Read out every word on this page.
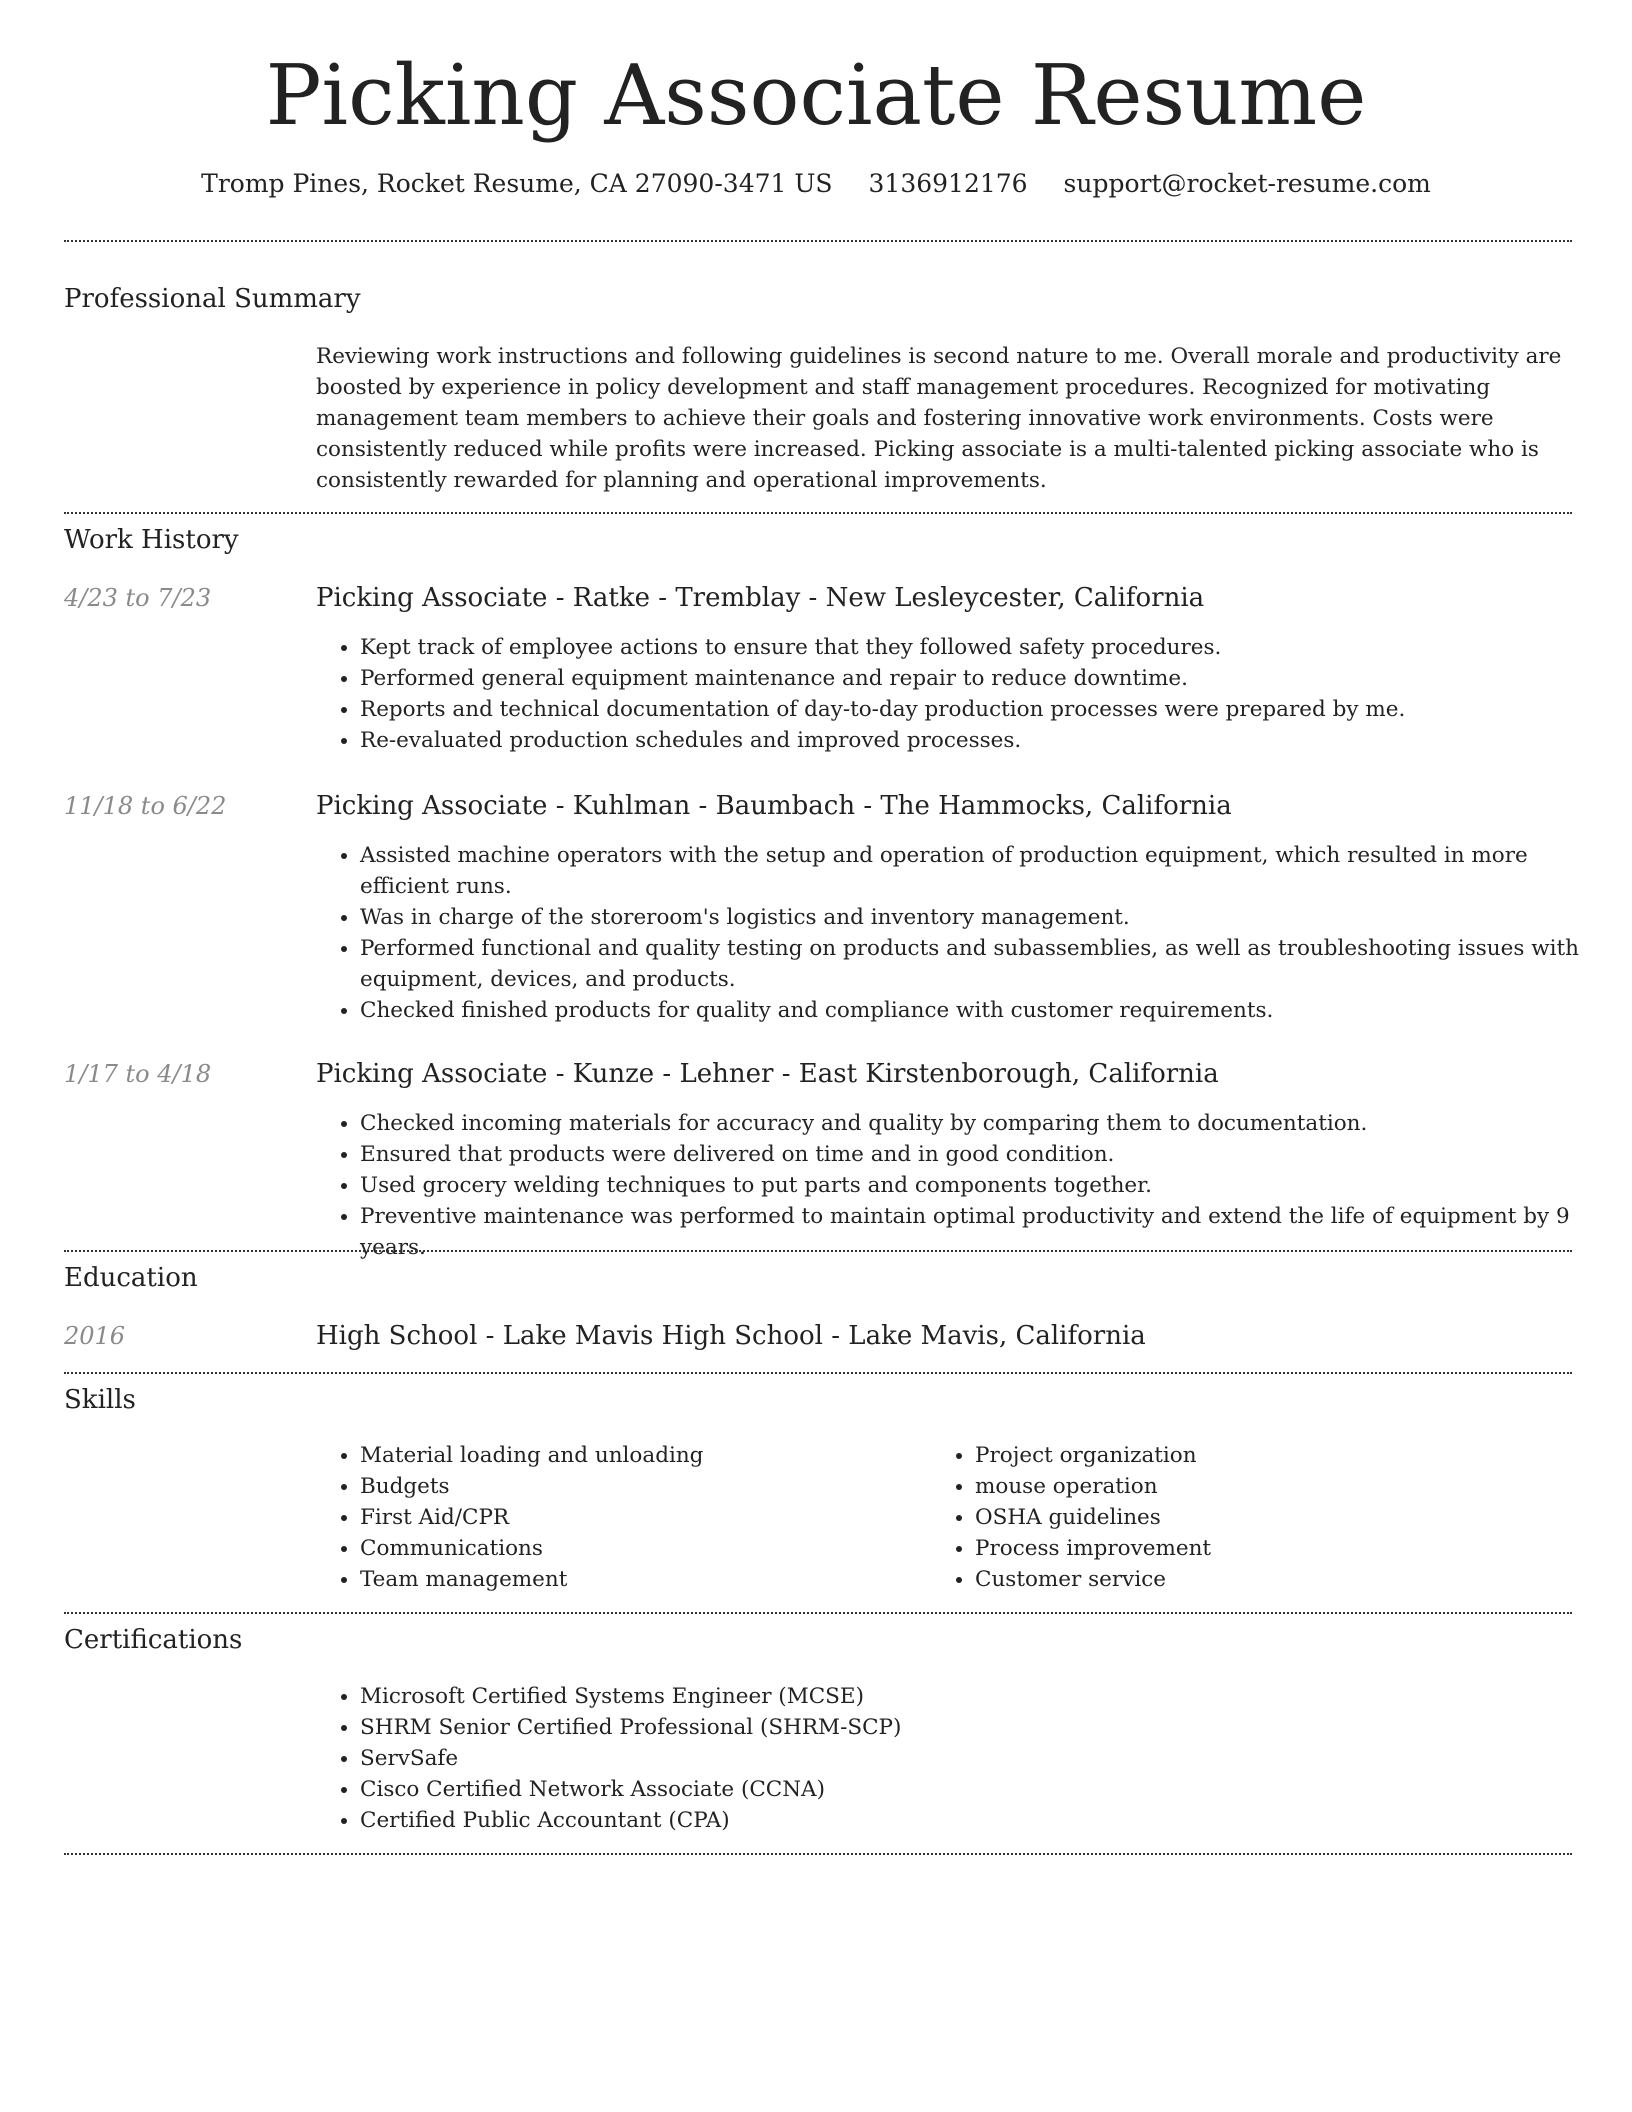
Picking Associate Resume
Tromp Pines, Rocket Resume, CA 27090-3471 US 3136912176 support@rocket-resume.com
Professional Summary

Reviewing work instructions and following guidelines is second nature to me. Overall morale and productivity are boosted by experience in policy development and staff management procedures. Recognized for motivating management team members to achieve their goals and fostering innovative work environments. Costs were consistently reduced while profits were increased. Picking associate is a multi-talented picking associate who is consistently rewarded for planning and operational improvements.

Work History
4/23 to 7/23	Picking Associate - Ratke - Tremblay - New Lesleycester, California
• Kept track of employee actions to ensure that they followed safety procedures.
• Performed general equipment maintenance and repair to reduce downtime.
• Reports and technical documentation of day-to-day production processes were prepared by me.
• Re-evaluated production schedules and improved processes.
11/18 to 6/22	Picking Associate - Kuhlman - Baumbach - The Hammocks, California
• Assisted machine operators with the setup and operation of production equipment, which resulted in more efficient runs.
• Was in charge of the storeroom's logistics and inventory management.
• Performed functional and quality testing on products and subassemblies, as well as troubleshooting issues with equipment, devices, and products.
• Checked finished products for quality and compliance with customer requirements.
1/17 to 4/18	Picking Associate - Kunze - Lehner - East Kirstenborough, California
• Checked incoming materials for accuracy and quality by comparing them to documentation.
• Ensured that products were delivered on time and in good condition.
• Used grocery welding techniques to put parts and components together.
• Preventive maintenance was performed to maintain optimal productivity and extend the life of equipment by 9 years.
Education
2016	High School - Lake Mavis High School - Lake Mavis, California
Skills
• Material loading and unloading
• Budgets
• First Aid/CPR
• Communications
• Team management
• Project organization
• mouse operation
• OSHA guidelines
• Process improvement
• Customer service
Certifications
• Microsoft Certified Systems Engineer (MCSE)
• SHRM Senior Certified Professional (SHRM-SCP)
• ServSafe
• Cisco Certified Network Associate (CCNA)
• Certified Public Accountant (CPA)
